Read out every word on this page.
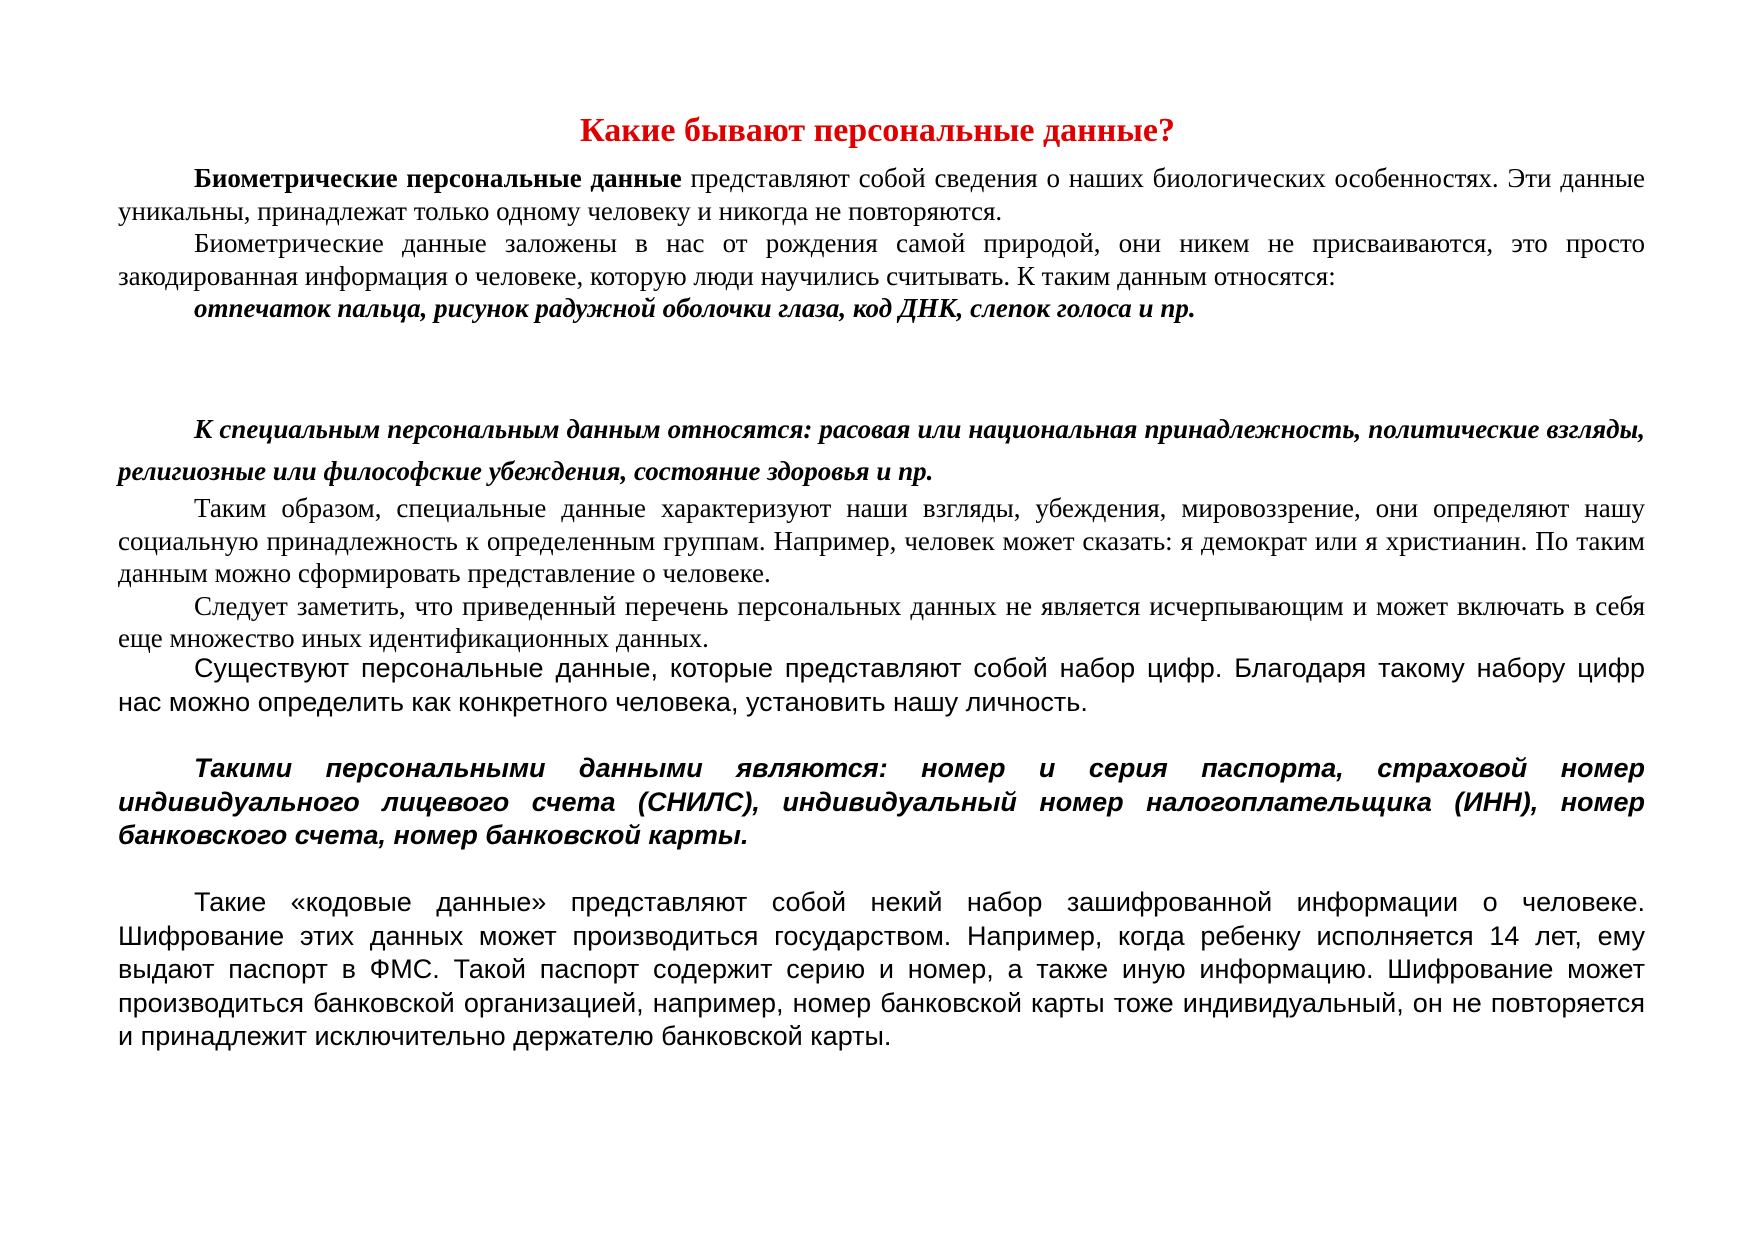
Какие бывают персональные данные?

Биометрические персональные данные представляют собой сведения о наших биологических особенностях. Эти данные уникальны, принадлежат только одному человеку и никогда не повторяются.

Биометрические данные заложены в нас от рождения самой природой, они никем не присваиваются, это просто закодированная информация о человеке, которую люди научились считывать. К таким данным относятся:

отпечаток пальца, рисунок радужной оболочки глаза, код ДНК, слепок голоса и пр.

К специальным персональным данным относятся: расовая или национальная принадлежность, политические взгляды, религиозные или философские убеждения, состояние здоровья и пр.

Таким образом, специальные данные характеризуют наши взгляды, убеждения, мировоззрение, они определяют нашу социальную принадлежность к определенным группам. Например, человек может сказать: я демократ или я христианин. По таким данным можно сформировать представление о человеке.

Следует заметить, что приведенный перечень персональных данных не является исчерпывающим и может включать в себя еще множество иных идентификационных данных.

Существуют персональные данные, которые представляют собой набор цифр. Благодаря такому набору цифр нас можно определить как конкретного человека, установить нашу личность.

Такими персональными данными являются: номер и серия паспорта, страховой номер индивидуального лицевого счета (СНИЛС), индивидуальный номер налогоплательщика (ИНН), номер банковского счета, номер банковской карты.

Такие «кодовые данные» представляют собой некий набор зашифрованной информации о человеке. Шифрование этих данных может производиться государством. Например, когда ребенку исполняется 14 лет, ему выдают паспорт в ФМС. Такой паспорт содержит серию и номер, а также иную информацию. Шифрование может производиться банковской организацией, например, номер банковской карты тоже индивидуальный, он не повторяется и принадлежит исключительно держателю банковской карты.
